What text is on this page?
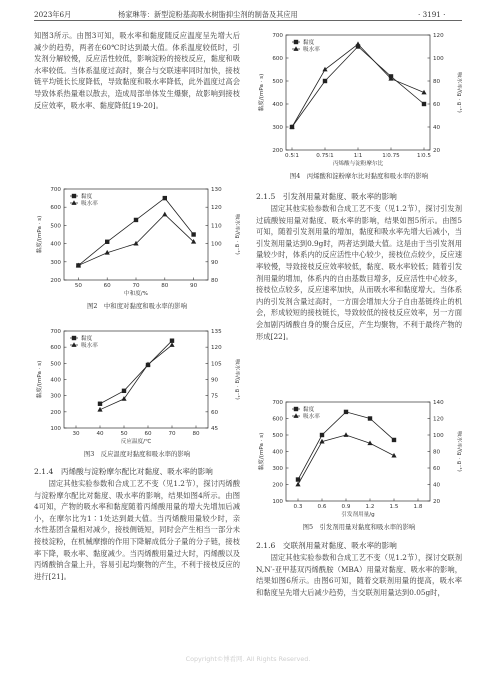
2023年6月	杨家琳等：新型淀粉基高吸水树脂抑尘剂的制备及其应用	· 3191 ·

知图3所示。由图3可知，吸水率和黏度随反应温度呈先增大后减少的趋势，两者在60℃时达到最大值。体系温度较低时，引发剂分解较慢，反应活性较低，影响淀粉的接枝反应，黏度和吸水率较低。当体系温度过高时，聚合与交联速率同时加快，接枝链平均链长长度降低，导致黏度和吸水率降低，此外温度过高会导致体系热量难以散去，造成局部单体发生爆聚，故影响到接枝反应效率，吸水率、黏度降低[19-20]。

50	60	70	80	90
中和度/%
200
300
400
500
600
700
80
90
100
110
120
130
黏度/(mPa · s)	吸水率/(g · g⁻¹)
黏度
吸水率

图2　中和度对黏度和吸水率的影响

30	40	50	60	70	80
反应温度/℃
100
200
300
400
500
600
700
45
60
75
90
105
120
135
黏度/(mPa · s)	吸水率/(g · g⁻¹)
黏度
吸水率

图3　反应温度对黏度和吸水率的影响

2.1.4　丙烯酸与淀粉摩尔配比对黏度、吸水率的影响

固定其他实验参数和合成工艺不变（见1.2节），探讨丙烯酸与淀粉摩尔配比对黏度、吸水率的影响，结果如图4所示。由图4可知，产物的吸水率和黏度随着丙烯酸用量的增大先增加后减小，在摩尔比为1∶1处达到最大值。当丙烯酸用量较少时，亲水性基团含量相对减少，接枝侧链短，同时会产生相当一部分未接枝淀粉，在机械摩擦的作用下降解成低分子量的分子链，接枝率下降，吸水率、黏度减少。当丙烯酸用量过大时，丙烯酸以及丙烯酸钠含量上升，容易引起均聚物的产生，不利于接枝反应的进行[21]。

0.5∶1	0.75∶1	1∶1	1∶0.75	1∶0.5
丙烯酸与淀粉摩尔比
200
300
400
500
600
700
20
40
60
80
100
120
黏度/(mPa · s)	吸水率/(g · g⁻¹)
黏度
吸水率

图4　丙烯酸和淀粉摩尔比对黏度和吸水率的影响

2.1.5　引发剂用量对黏度、吸水率的影响

固定其他实验参数和合成工艺不变（见1.2节），探讨引发剂过硫酸铵用量对黏度、吸水率的影响，结果如图5所示。由图5可知，随着引发剂用量的增加，黏度和吸水率先增大后减小，当引发剂用量达到0.9g时，两者达到最大值。这是由于当引发剂用量较少时，体系内的反应活性中心较少，接枝位点较少，反应速率较慢，导致接枝反应效率较低，黏度、吸水率较低；随着引发剂用量的增加，体系内的自由基数目增多，反应活性中心较多，接枝位点较多，反应速率加快，从而吸水率和黏度增大。当体系内的引发剂含量过高时，一方面会增加大分子自由基链终止的机会，形成较短的接枝链长，导致较低的接枝反应效率，另一方面会加剧丙烯酸自身的聚合反应，产生均聚物，不利于最终产物的形成[22]。

0.3	0.6	0.9	1.2	1.5	1.8
引发剂用量/g
100
200
300
400
500
600
700
20
40
60
80
100
120
140
黏度/(mPa · s)	吸水率/(g · g⁻¹)
黏度
吸水率

图5　引发剂用量对黏度和吸水率的影响

2.1.6　交联剂用量对黏度、吸水率的影响

固定其他实验参数和合成工艺不变（见1.2节），探讨交联剂N,N′-亚甲基双丙烯酰胺（MBA）用量对黏度、吸水率的影响，结果如图6所示。由图6可知，随着交联剂用量的提高，吸水率和黏度呈先增大后减少趋势，当交联剂用量达到0.05g时，

Copyright©博看网. All Rights Reserved.
